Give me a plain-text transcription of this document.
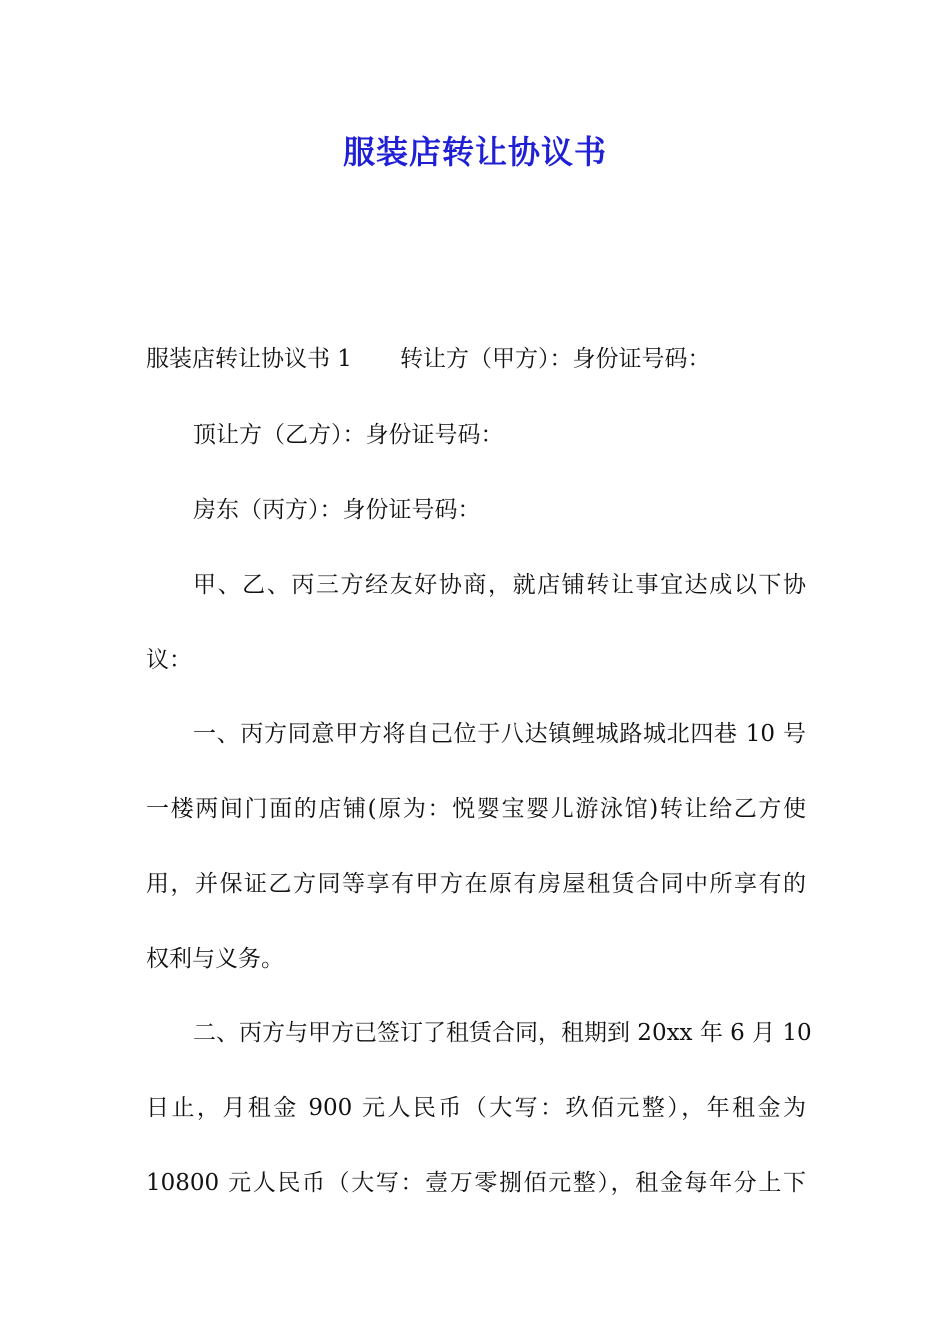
服装店转让协议书
服装店转让协议书 1 转让方（甲方）：身份证号码：
顶让方（乙方）：身份证号码：
房东（丙方）：身份证号码：
甲、乙、丙三方经友好协商，就店铺转让事宜达成以下协
议：
一、丙方同意甲方将自己位于八达镇鲤城路城北四巷 10 号
一楼两间门面的店铺(原为：悦婴宝婴儿游泳馆)转让给乙方使
用，并保证乙方同等享有甲方在原有房屋租赁合同中所享有的
权利与义务。
二、丙方与甲方已签订了租赁合同，租期到 20xx 年 6 月 10
日止，月租金 900 元人民币（大写：玖佰元整），年租金为
10800 元人民币（大写：壹万零捌佰元整），租金每年分上下
